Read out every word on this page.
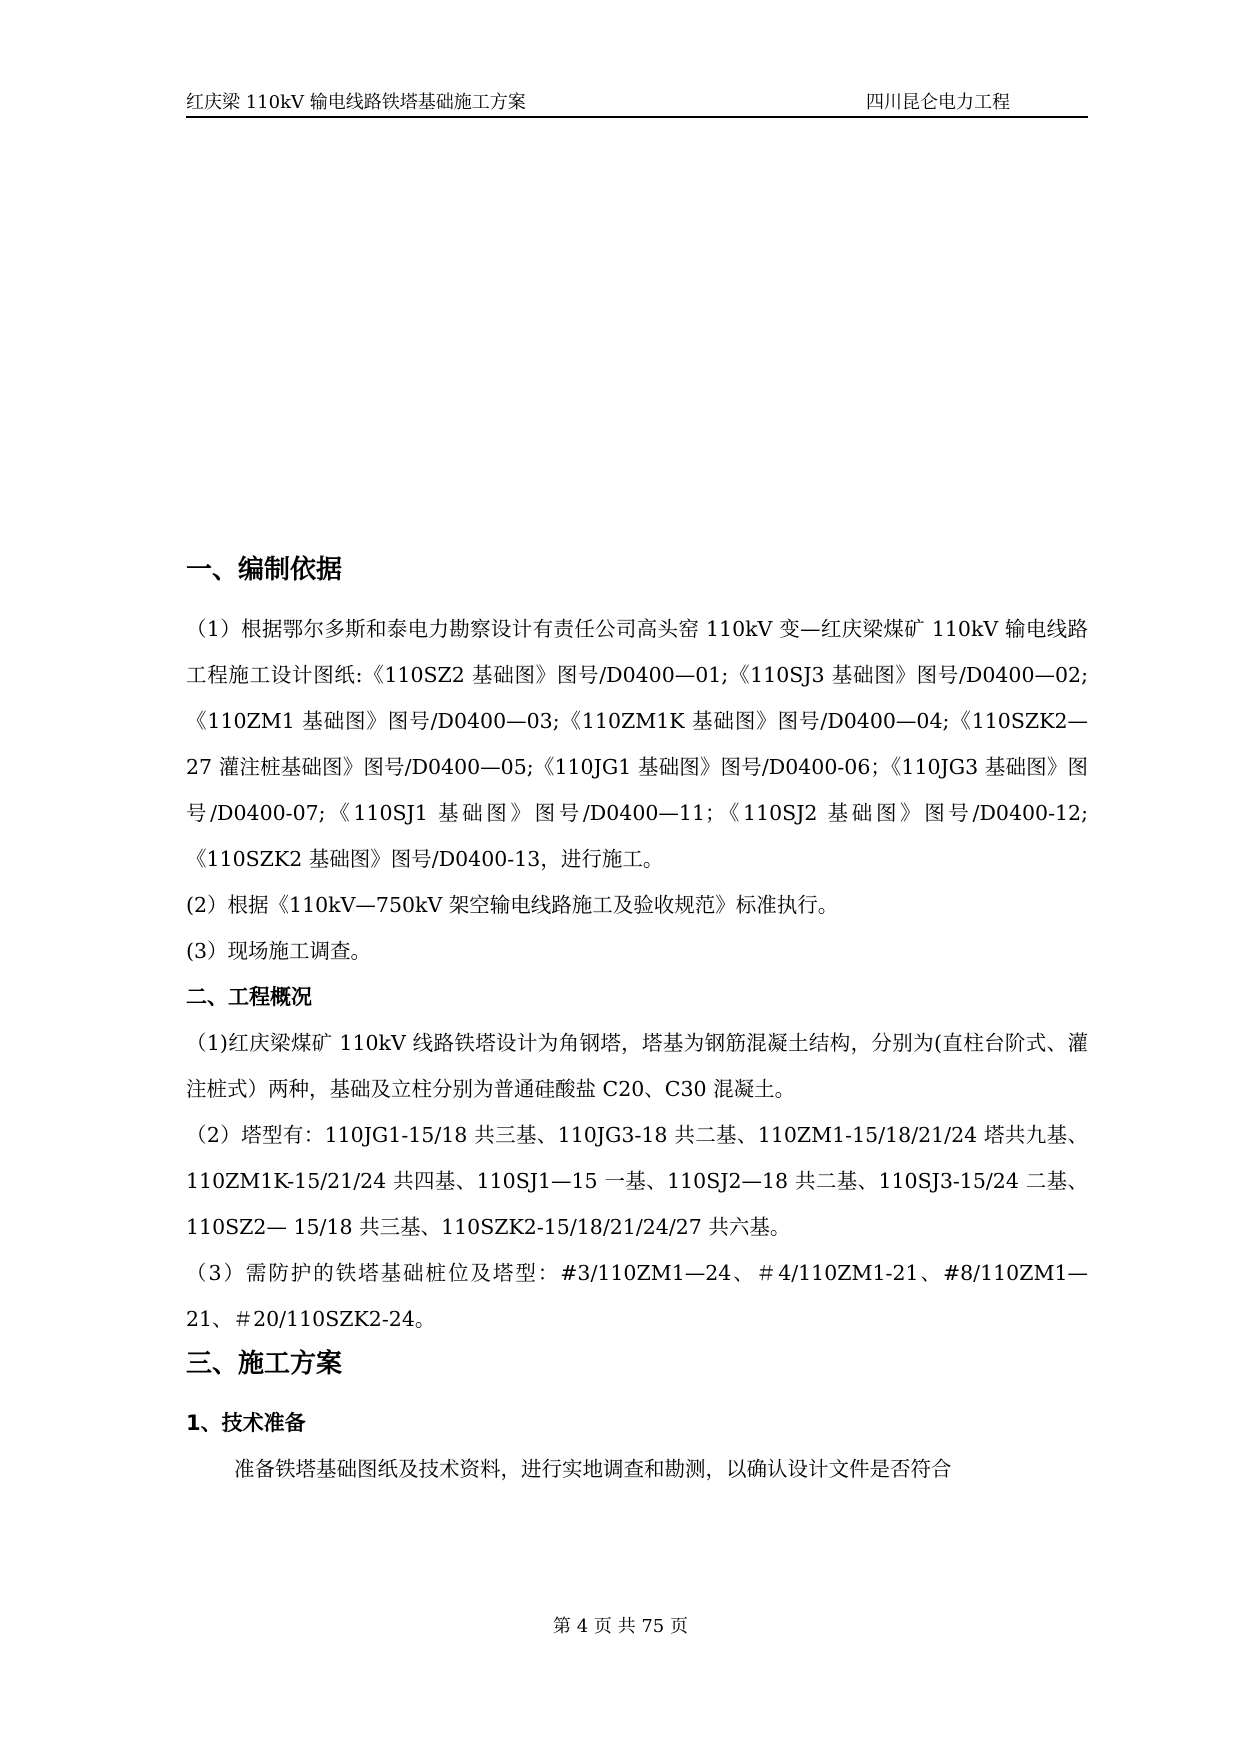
红庆梁 110kV 输电线路铁塔基础施工方案	四川昆仑电力工程
一、编制依据

（1）根据鄂尔多斯和泰电力勘察设计有责任公司高头窑 110kV 变—红庆梁煤矿 110kV 输电线路工程施工设计图纸:《110SZ2 基础图》图号/D0400—01;《110SJ3 基础图》图号/D0400—02;《110ZM1 基础图》图号/D0400—03;《110ZM1K 基础图》图号/D0400—04;《110SZK2—27 灌注桩基础图》图号/D0400—05;《110JG1 基础图》图号/D0400-06；《110JG3 基础图》图号/D0400-07;《110SJ1 基础图》图号/D0400—11；《110SJ2 基础图》图号/D0400-12;《110SZK2 基础图》图号/D0400-13，进行施工。

(2）根据《110kV—750kV 架空输电线路施工及验收规范》标准执行。

(3）现场施工调查。

二、工程概况

（1)红庆梁煤矿 110kV 线路铁塔设计为角钢塔，塔基为钢筋混凝土结构，分别为(直柱台阶式、灌注桩式）两种，基础及立柱分别为普通硅酸盐 C20、C30 混凝土。

（2）塔型有：110JG1-15/18 共三基、110JG3-18 共二基、110ZM1-15/18/21/24 塔共九基、110ZM1K-15/21/24 共四基、110SJ1—15 一基、110SJ2—18 共二基、110SJ3-15/24 二基、110SZ2— 15/18 共三基、110SZK2-15/18/21/24/27 共六基。

（3）需防护的铁塔基础桩位及塔型：#3/110ZM1—24、＃4/110ZM1-21、#8/110ZM1—21、＃20/110SZK2-24。

三、施工方案
1、技术准备

准备铁塔基础图纸及技术资料，进行实地调查和勘测，以确认设计文件是否符合

第 4 页 共 75 页
